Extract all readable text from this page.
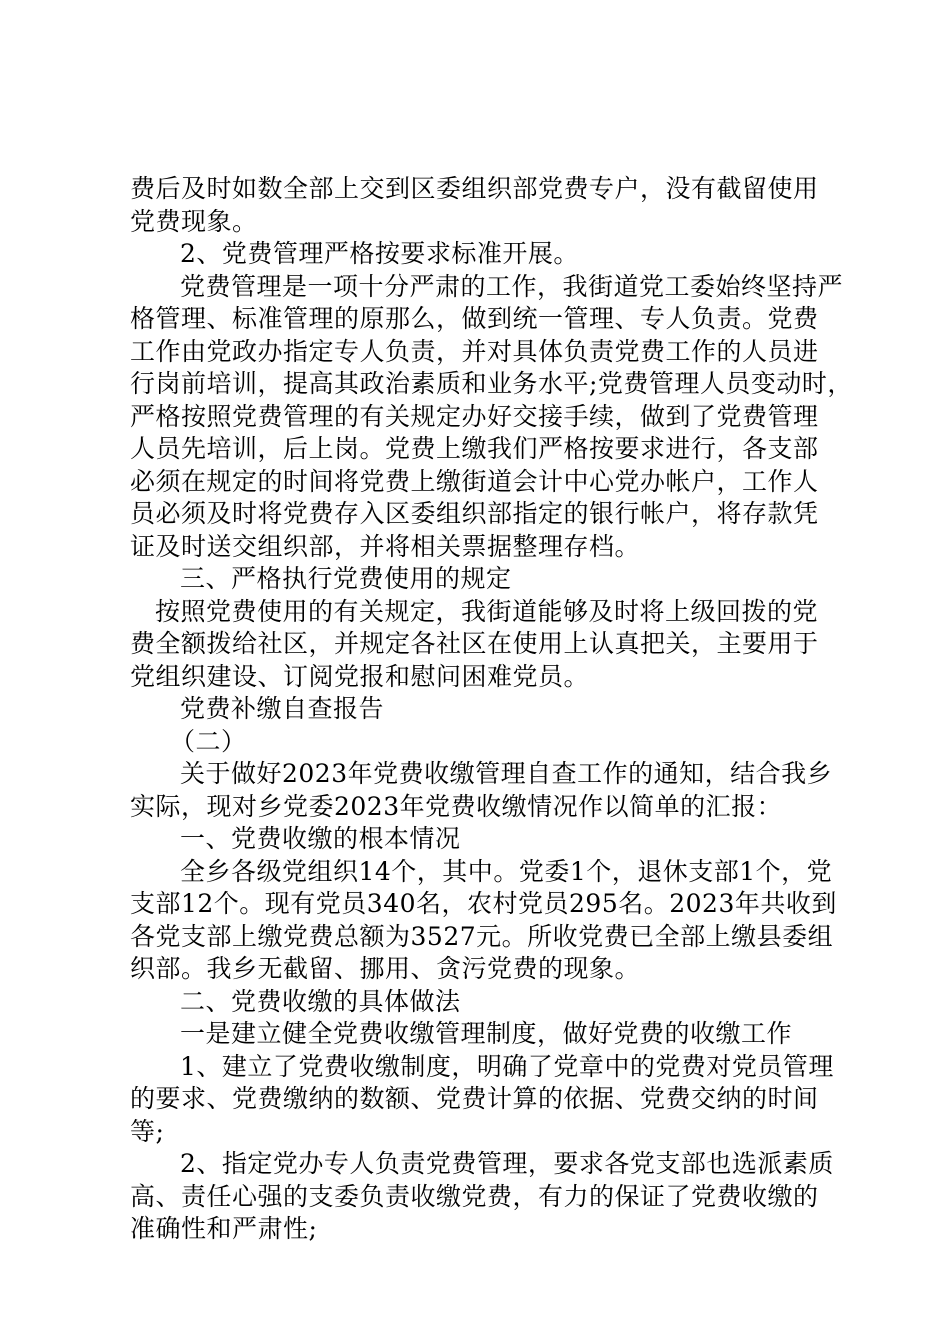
费后及时如数全部上交到区委组织部党费专户，没有截留使用
党费现象。
2、党费管理严格按要求标准开展。
党费管理是一项十分严肃的工作，我街道党工委始终坚持严
格管理、标准管理的原那么，做到统一管理、专人负责。党费
工作由党政办指定专人负责，并对具体负责党费工作的人员进
行岗前培训，提高其政治素质和业务水平;党费管理人员变动时，
严格按照党费管理的有关规定办好交接手续，做到了党费管理
人员先培训，后上岗。党费上缴我们严格按要求进行，各支部
必须在规定的时间将党费上缴街道会计中心党办帐户，工作人
员必须及时将党费存入区委组织部指定的银行帐户，将存款凭
证及时送交组织部，并将相关票据整理存档。
三、严格执行党费使用的规定
按照党费使用的有关规定，我街道能够及时将上级回拨的党
费全额拨给社区，并规定各社区在使用上认真把关，主要用于
党组织建设、订阅党报和慰问困难党员。
党费补缴自查报告
（二）
关于做好2023年党费收缴管理自查工作的通知，结合我乡
实际，现对乡党委2023年党费收缴情况作以简单的汇报：
一、党费收缴的根本情况
全乡各级党组织14个，其中。党委1个，退休支部1个，党
支部12个。现有党员340名，农村党员295名。2023年共收到
各党支部上缴党费总额为3527元。所收党费已全部上缴县委组
织部。我乡无截留、挪用、贪污党费的现象。
二、党费收缴的具体做法
一是建立健全党费收缴管理制度，做好党费的收缴工作
1、建立了党费收缴制度，明确了党章中的党费对党员管理
的要求、党费缴纳的数额、党费计算的依据、党费交纳的时间
等;
2、指定党办专人负责党费管理，要求各党支部也选派素质
高、责任心强的支委负责收缴党费，有力的保证了党费收缴的
准确性和严肃性;
